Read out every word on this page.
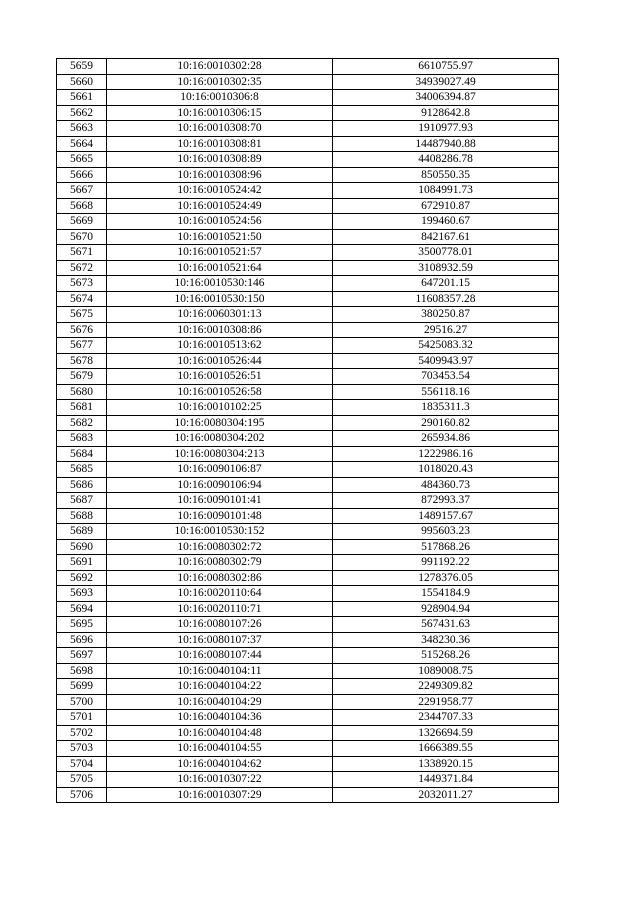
5659	10:16:0010302:28	6610755.97
5660	10:16:0010302:35	34939027.49
5661	10:16:0010306:8	34006394.87
5662	10:16:0010306:15	9128642.8
5663	10:16:0010308:70	1910977.93
5664	10:16:0010308:81	14487940.88
5665	10:16:0010308:89	4408286.78
5666	10:16:0010308:96	850550.35
5667	10:16:0010524:42	1084991.73
5668	10:16:0010524:49	672910.87
5669	10:16:0010524:56	199460.67
5670	10:16:0010521:50	842167.61
5671	10:16:0010521:57	3500778.01
5672	10:16:0010521:64	3108932.59
5673	10:16:0010530:146	647201.15
5674	10:16:0010530:150	11608357.28
5675	10:16:0060301:13	380250.87
5676	10:16:0010308:86	29516.27
5677	10:16:0010513:62	5425083.32
5678	10:16:0010526:44	5409943.97
5679	10:16:0010526:51	703453.54
5680	10:16:0010526:58	556118.16
5681	10:16:0010102:25	1835311.3
5682	10:16:0080304:195	290160.82
5683	10:16:0080304:202	265934.86
5684	10:16:0080304:213	1222986.16
5685	10:16:0090106:87	1018020.43
5686	10:16:0090106:94	484360.73
5687	10:16:0090101:41	872993.37
5688	10:16:0090101:48	1489157.67
5689	10:16:0010530:152	995603.23
5690	10:16:0080302:72	517868.26
5691	10:16:0080302:79	991192.22
5692	10:16:0080302:86	1278376.05
5693	10:16:0020110:64	1554184.9
5694	10:16:0020110:71	928904.94
5695	10:16:0080107:26	567431.63
5696	10:16:0080107:37	348230.36
5697	10:16:0080107:44	515268.26
5698	10:16:0040104:11	1089008.75
5699	10:16:0040104:22	2249309.82
5700	10:16:0040104:29	2291958.77
5701	10:16:0040104:36	2344707.33
5702	10:16:0040104:48	1326694.59
5703	10:16:0040104:55	1666389.55
5704	10:16:0040104:62	1338920.15
5705	10:16:0010307:22	1449371.84
5706	10:16:0010307:29	2032011.27
